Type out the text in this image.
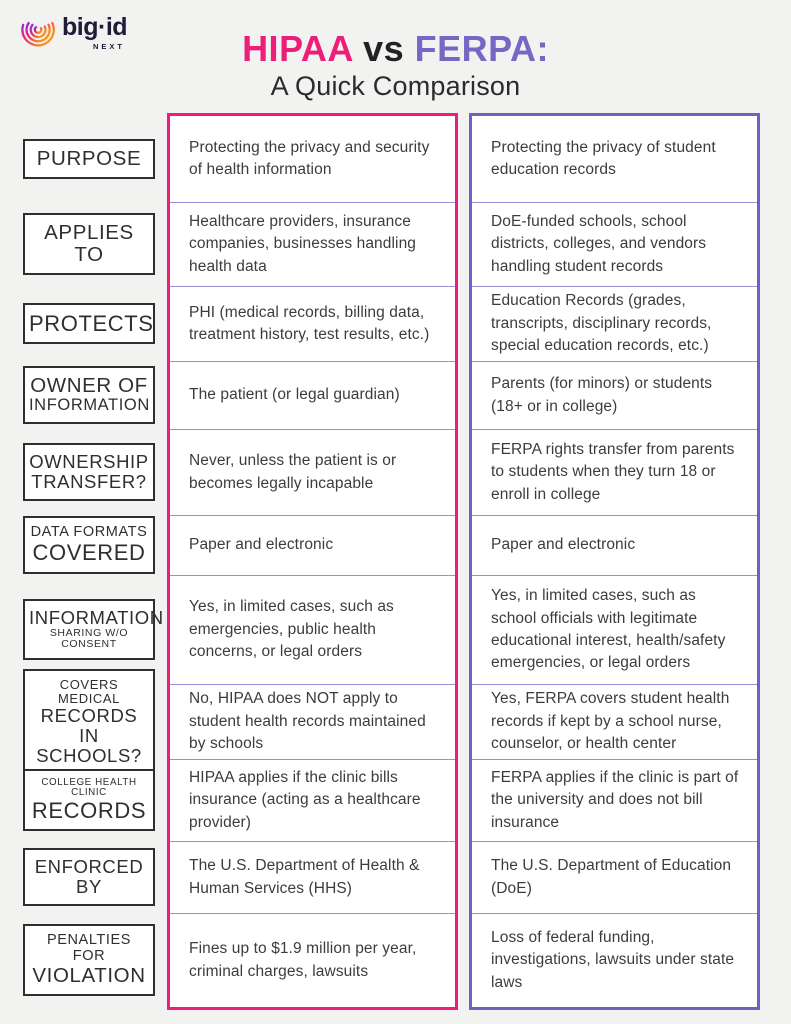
big·id
NEXT	HIPAA vs FERPA:
A Quick Comparison
PURPOSE
APPLIES TO
PROTECTS
OWNER OF
INFORMATION
OWNERSHIP
TRANSFER?
DATA FORMATS
COVERED
INFORMATION
SHARING W/O CONSENT
COVERS MEDICAL
RECORDS IN
SCHOOLS?
COLLEGE HEALTH CLINIC
RECORDS
ENFORCED BY
PENALTIES FOR
VIOLATION
Protecting the privacy and security of health information
Healthcare providers, insurance companies, businesses handling health data
PHI (medical records, billing data, treatment history, test results, etc.)
The patient (or legal guardian)
Never, unless the patient is or becomes legally incapable
Paper and electronic
Yes, in limited cases, such as emergencies, public health concerns, or legal orders
No, HIPAA does NOT apply to student health records maintained by schools
HIPAA applies if the clinic bills insurance (acting as a healthcare provider)
The U.S. Department of Health & Human Services (HHS)
Fines up to $1.9 million per year, criminal charges, lawsuits
Protecting the privacy of student education records
DoE-funded schools, school districts, colleges, and vendors handling student records
Education Records (grades, transcripts, disciplinary records, special education records, etc.)
Parents (for minors) or students (18+ or in college)
FERPA rights transfer from parents to students when they turn 18 or enroll in college
Paper and electronic
Yes, in limited cases, such as school officials with legitimate educational interest, health/safety emergencies, or legal orders
Yes, FERPA covers student health records if kept by a school nurse, counselor, or health center
FERPA applies if the clinic is part of the university and does not bill insurance
The U.S. Department of Education (DoE)
Loss of federal funding, investigations, lawsuits under state laws
